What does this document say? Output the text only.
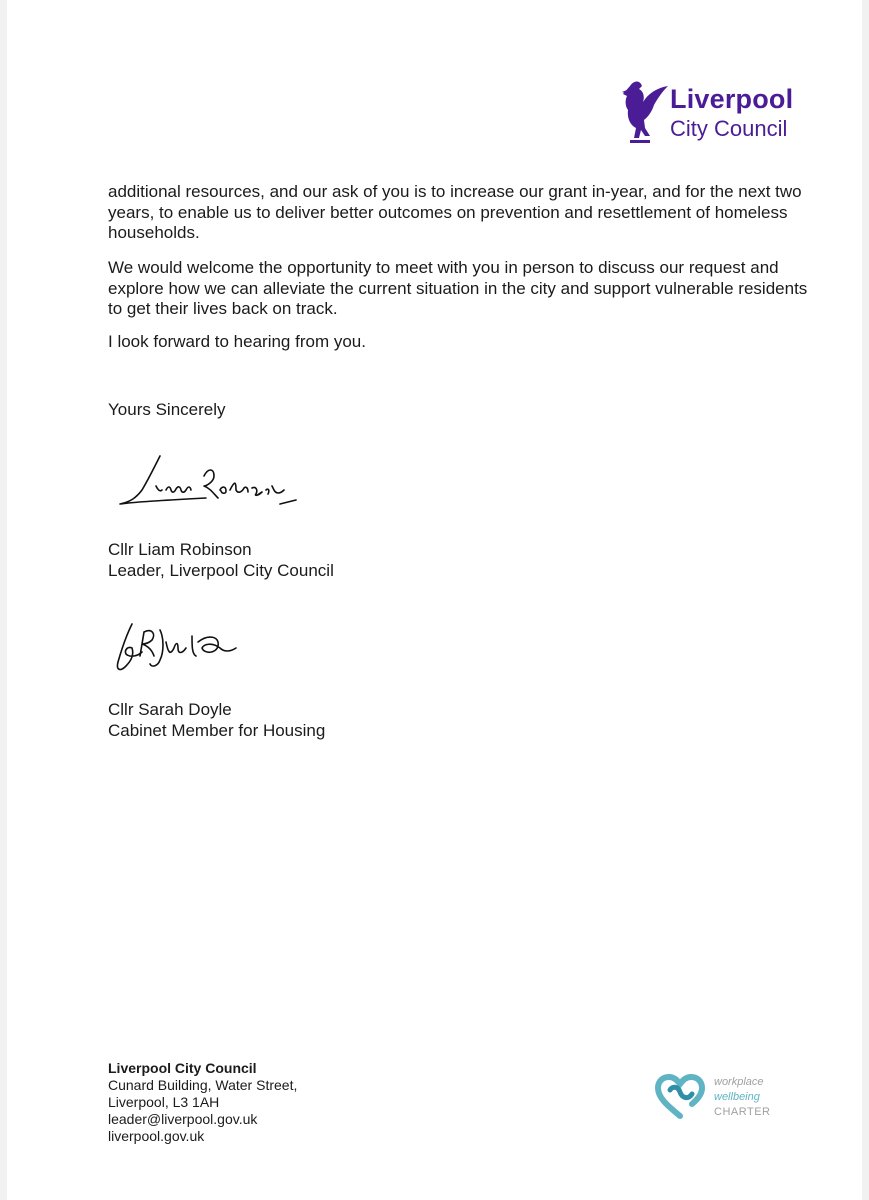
Liverpool
City Council

additional resources, and our ask of you is to increase our grant in-year, and for the next two years, to enable us to deliver better outcomes on prevention and resettlement of homeless households.

We would welcome the opportunity to meet with you in person to discuss our request and explore how we can alleviate the current situation in the city and support vulnerable residents to get their lives back on track.

I look forward to hearing from you.

Yours Sincerely

Cllr Liam Robinson
Leader, Liverpool City Council
Cllr Sarah Doyle
Cabinet Member for Housing
Liverpool City Council
Cunard Building, Water Street,
Liverpool, L3 1AH
leader@liverpool.gov.uk
liverpool.gov.uk
workplace
wellbeing
CHARTER
